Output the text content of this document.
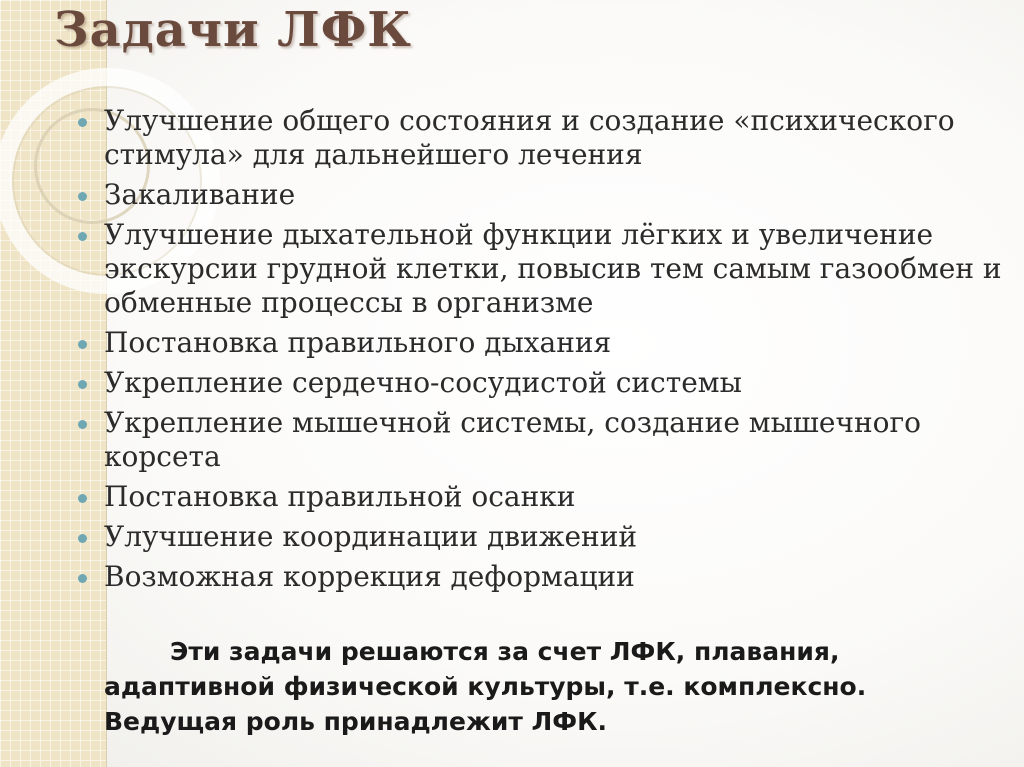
Задачи ЛФК
Улучшение общего состояния и создание «психического стимула» для дальнейшего лечения
Закаливание
Улучшение дыхательной функции лёгких и увеличение экскурсии грудной клетки, повысив тем самым газообмен и обменные процессы в организме
Постановка правильного дыхания
Укрепление сердечно-сосудистой системы
Укрепление мышечной системы, создание мышечного корсета
Постановка правильной осанки
Улучшение координации движений
Возможная коррекция деформации

Эти задачи решаются за счет ЛФК, плавания,
адаптивной физической культуры, т.е. комплексно.
Ведущая роль принадлежит ЛФК.
